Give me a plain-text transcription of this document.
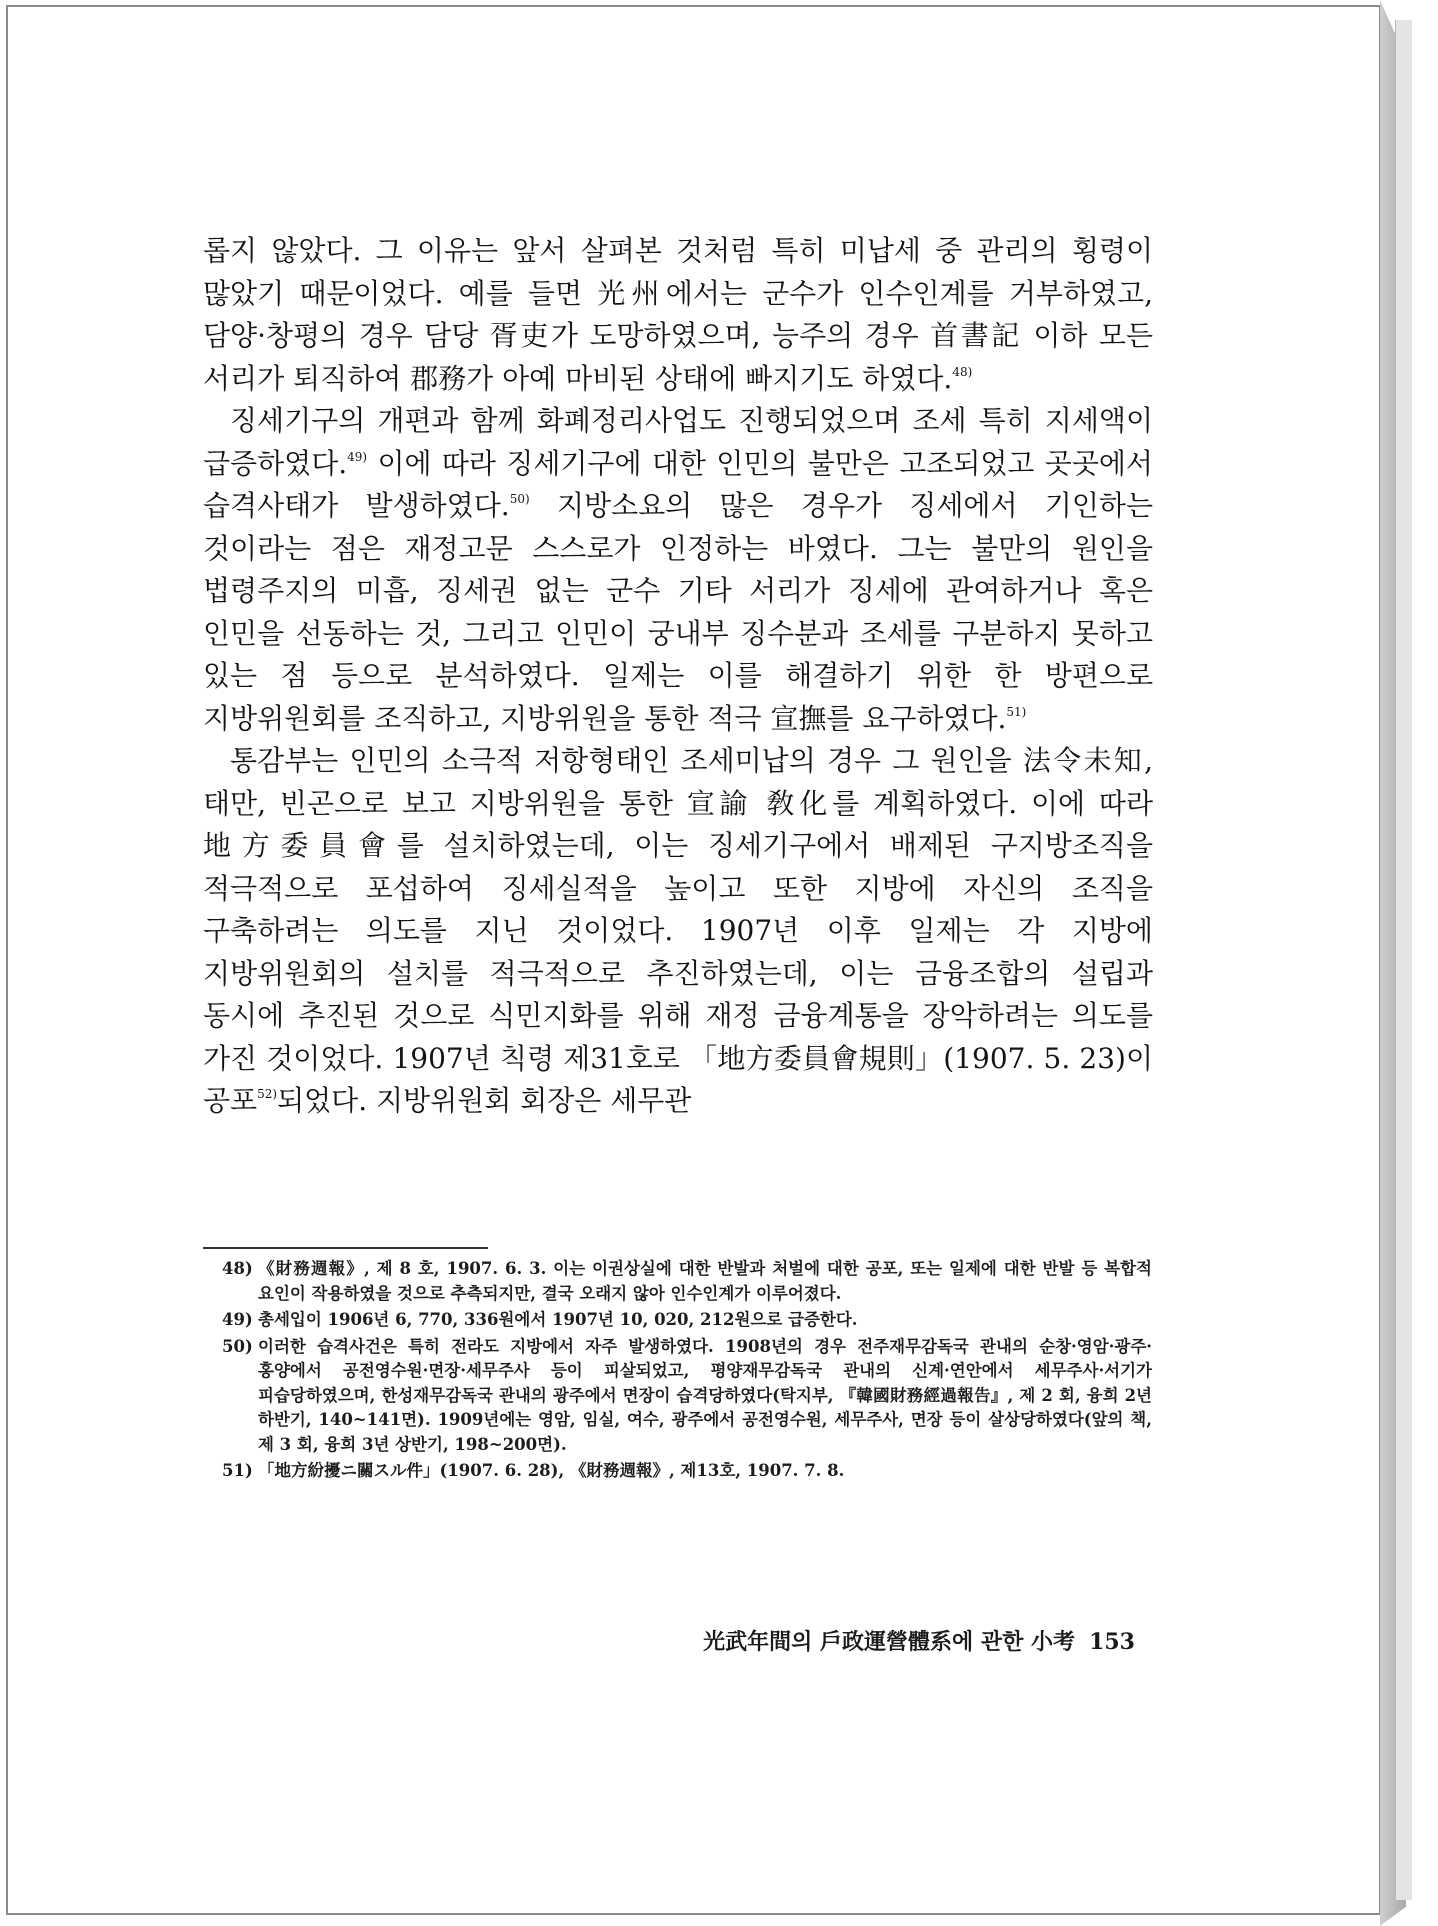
롭지 않았다. 그 이유는 앞서 살펴본 것처럼 특히 미납세 중 관리의 횡령이 많았기 때문이었다. 예를 들면 光州에서는 군수가 인수인계를 거부하였고, 담양·창평의 경우 담당 胥吏가 도망하였으며, 능주의 경우 首書記 이하 모든 서리가 퇴직하여 郡務가 아예 마비된 상태에 빠지기도 하였다.$^{48)}$

징세기구의 개편과 함께 화폐정리사업도 진행되었으며 조세 특히 지세액이 급증하였다.$^{49)}$ 이에 따라 징세기구에 대한 인민의 불만은 고조되었고 곳곳에서 습격사태가 발생하였다.$^{50)}$ 지방소요의 많은 경우가 징세에서 기인하는 것이라는 점은 재정고문 스스로가 인정하는 바였다. 그는 불만의 원인을 법령주지의 미흡, 징세권 없는 군수 기타 서리가 징세에 관여하거나 혹은 인민을 선동하는 것, 그리고 인민이 궁내부 징수분과 조세를 구분하지 못하고 있는 점 등으로 분석하였다. 일제는 이를 해결하기 위한 한 방편으로 지방위원회를 조직하고, 지방위원을 통한 적극 宣撫를 요구하였다.$^{51)}$

통감부는 인민의 소극적 저항형태인 조세미납의 경우 그 원인을 法令未知, 태만, 빈곤으로 보고 지방위원을 통한 宣諭 敎化를 계획하였다. 이에 따라 地方委員會를 설치하였는데, 이는 징세기구에서 배제된 구지방조직을 적극적으로 포섭하여 징세실적을 높이고 또한 지방에 자신의 조직을 구축하려는 의도를 지닌 것이었다. 1907년 이후 일제는 각 지방에 지방위원회의 설치를 적극적으로 추진하였는데, 이는 금융조합의 설립과 동시에 추진된 것으로 식민지화를 위해 재정 금융계통을 장악하려는 의도를 가진 것이었다. 1907년 칙령 제31호로 「地方委員會規則」(1907. 5. 23)이 공포$^{52)}$되었다. 지방위원회 회장은 세무관

48) 《財務週報》, 제 8 호, 1907. 6. 3. 이는 이권상실에 대한 반발과 처벌에 대한 공포, 또는 일제에 대한 반발 등 복합적 요인이 작용하였을 것으로 추측되지만, 결국 오래지 않아 인수인계가 이루어졌다.
49) 총세입이 1906년 6, 770, 336원에서 1907년 10, 020, 212원으로 급증한다.
50) 이러한 습격사건은 특히 전라도 지방에서 자주 발생하였다. 1908년의 경우 전주재무감독국 관내의 순창·영암·광주·홍양에서 공전영수원·면장·세무주사 등이 피살되었고, 평양재무감독국 관내의 신계·연안에서 세무주사·서기가 피습당하였으며, 한성재무감독국 관내의 광주에서 면장이 습격당하였다(탁지부, 『韓國財務經過報告』, 제 2 회, 융희 2년 하반기, 140~141면). 1909년에는 영암, 임실, 여수, 광주에서 공전영수원, 세무주사, 면장 등이 살상당하였다(앞의 책, 제 3 회, 융희 3년 상반기, 198~200면).
51) 「地方紛擾ニ關スル件」(1907. 6. 28), 《財務週報》, 제13호, 1907. 7. 8.
光武年間의 戶政運營體系에 관한 小考 153
